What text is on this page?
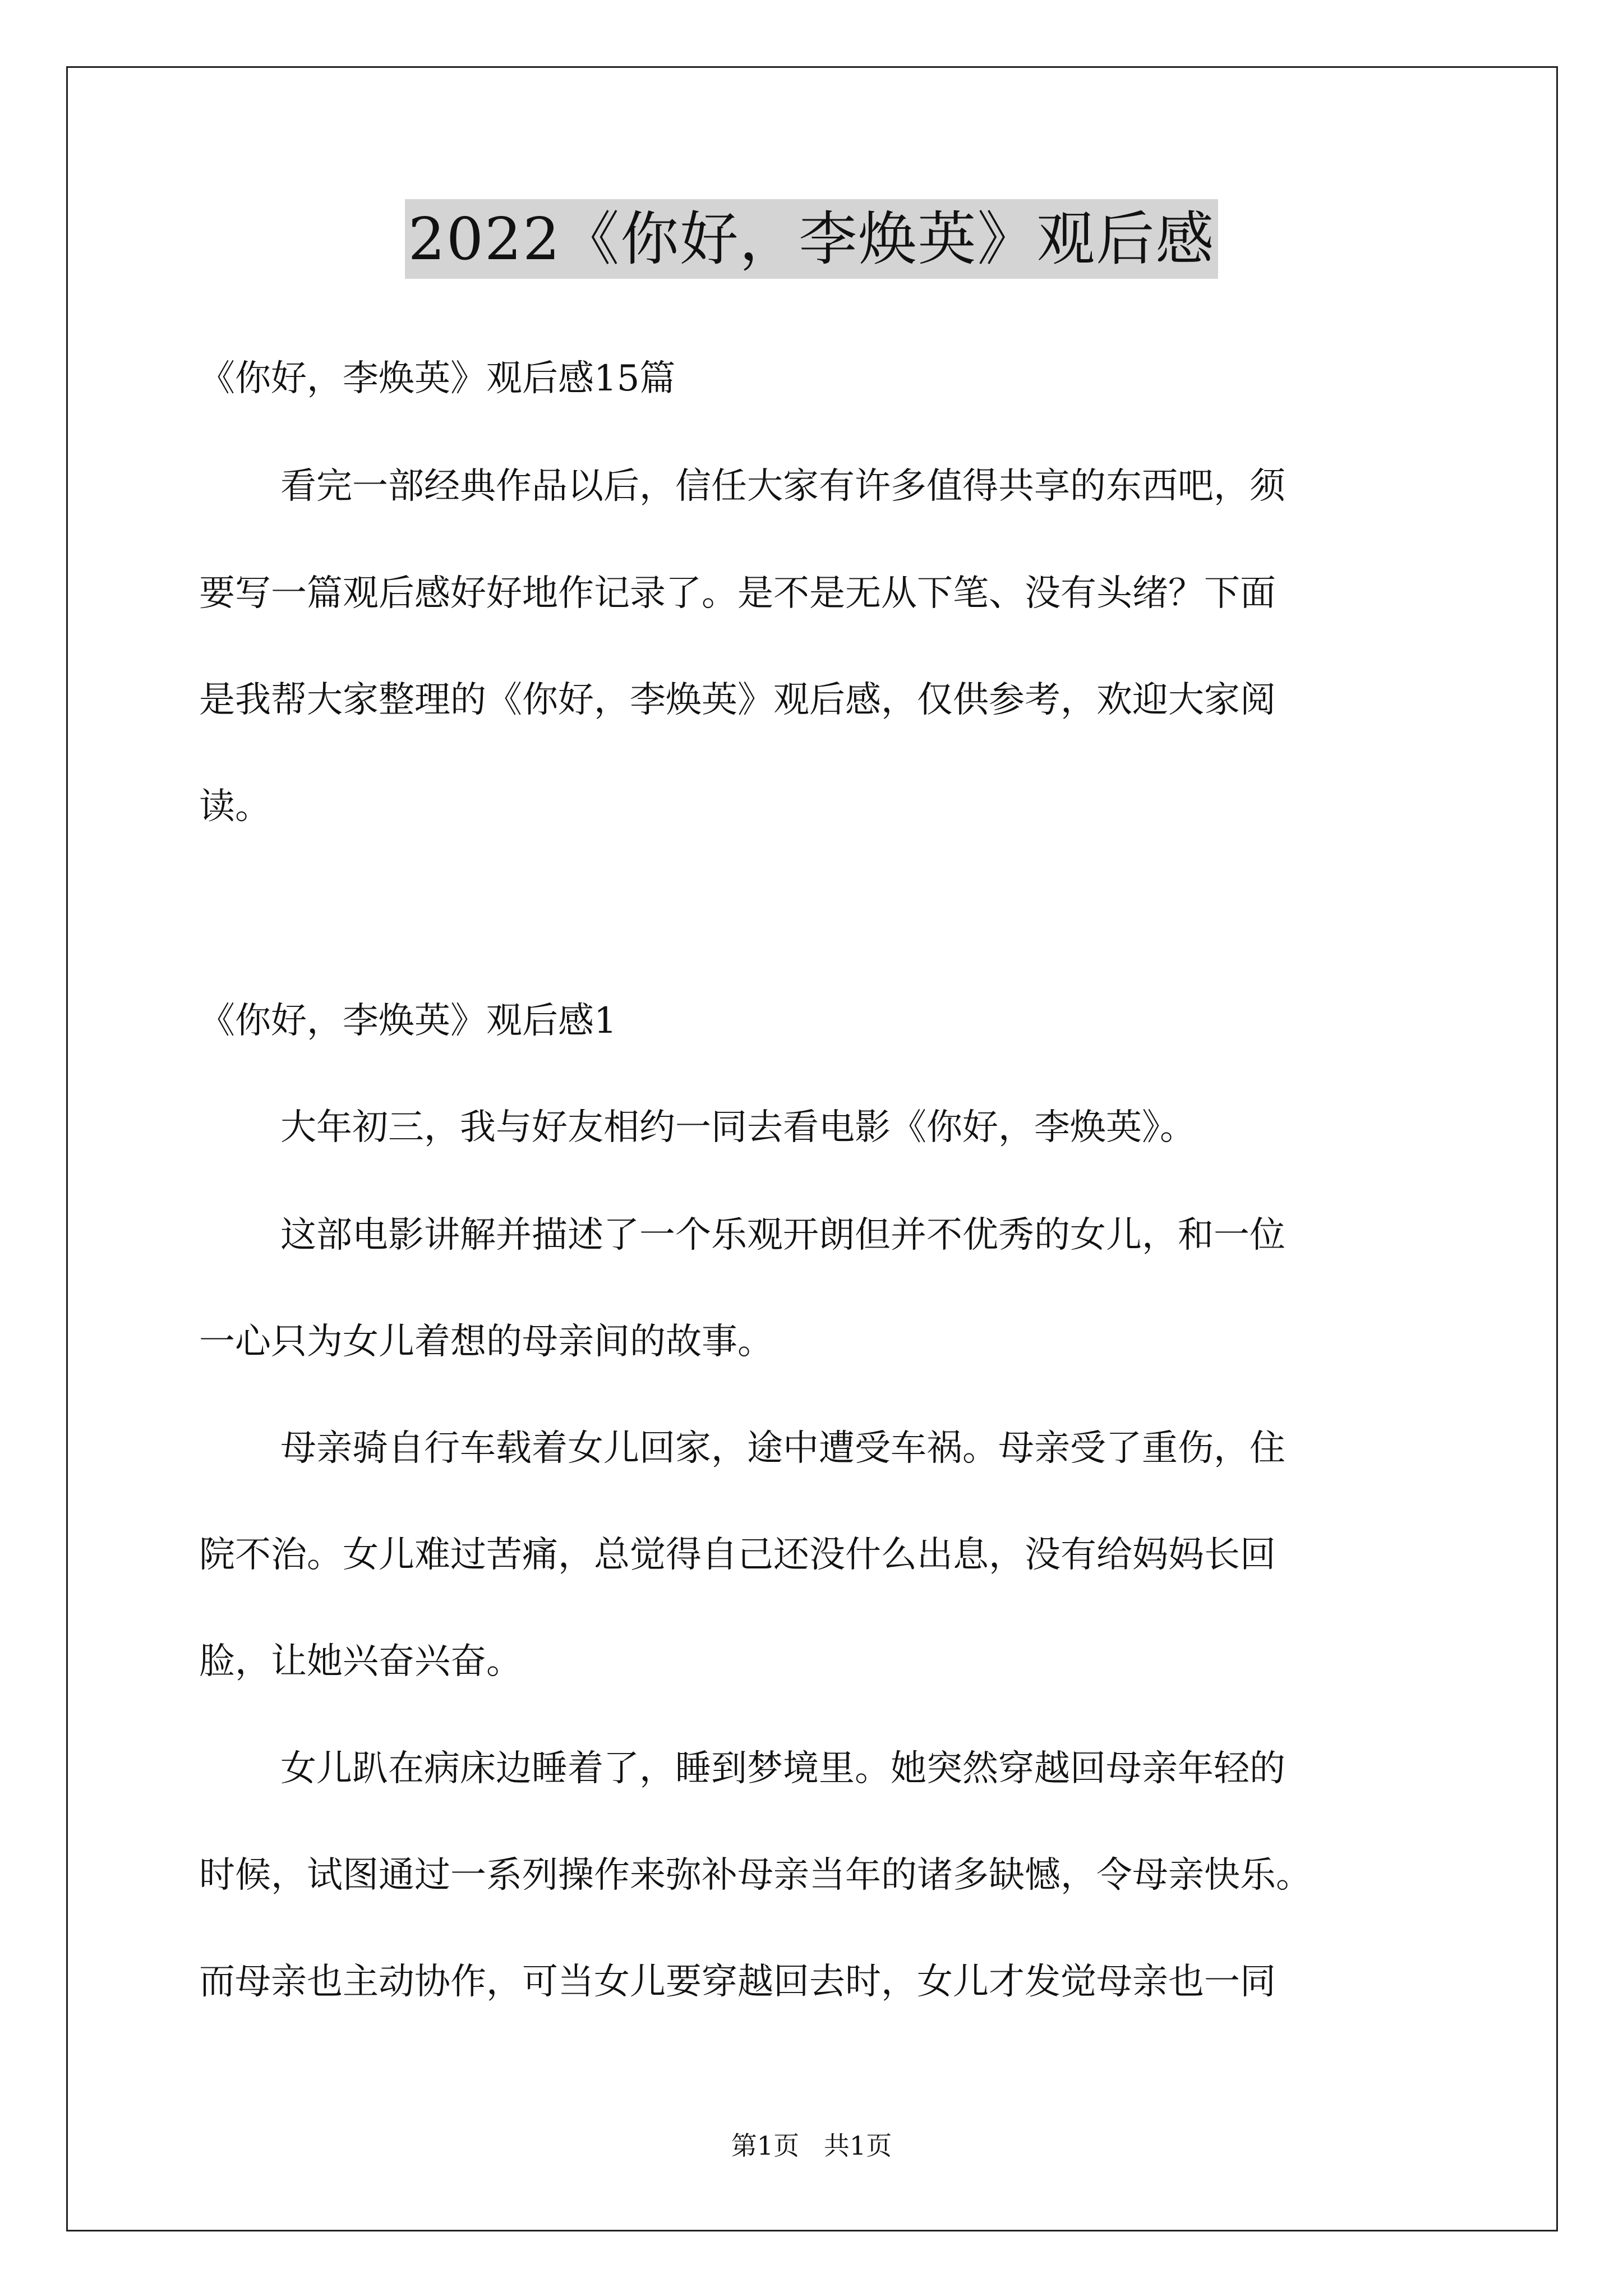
2022《你好，李焕英》观后感

《你好，李焕英》观后感15篇

看完一部经典作品以后，信任大家有许多值得共享的东西吧，须

要写一篇观后感好好地作记录了。是不是无从下笔、没有头绪？下面

是我帮大家整理的《你好，李焕英》观后感，仅供参考，欢迎大家阅

读。

《你好，李焕英》观后感1

大年初三，我与好友相约一同去看电影《你好，李焕英》。

这部电影讲解并描述了一个乐观开朗但并不优秀的女儿，和一位

一心只为女儿着想的母亲间的故事。

母亲骑自行车载着女儿回家，途中遭受车祸。母亲受了重伤，住

院不治。女儿难过苦痛，总觉得自己还没什么出息，没有给妈妈长回

脸，让她兴奋兴奋。

女儿趴在病床边睡着了，睡到梦境里。她突然穿越回母亲年轻的

时候，试图通过一系列操作来弥补母亲当年的诸多缺憾，令母亲快乐。

而母亲也主动协作，可当女儿要穿越回去时，女儿才发觉母亲也一同

第1页   共1页
